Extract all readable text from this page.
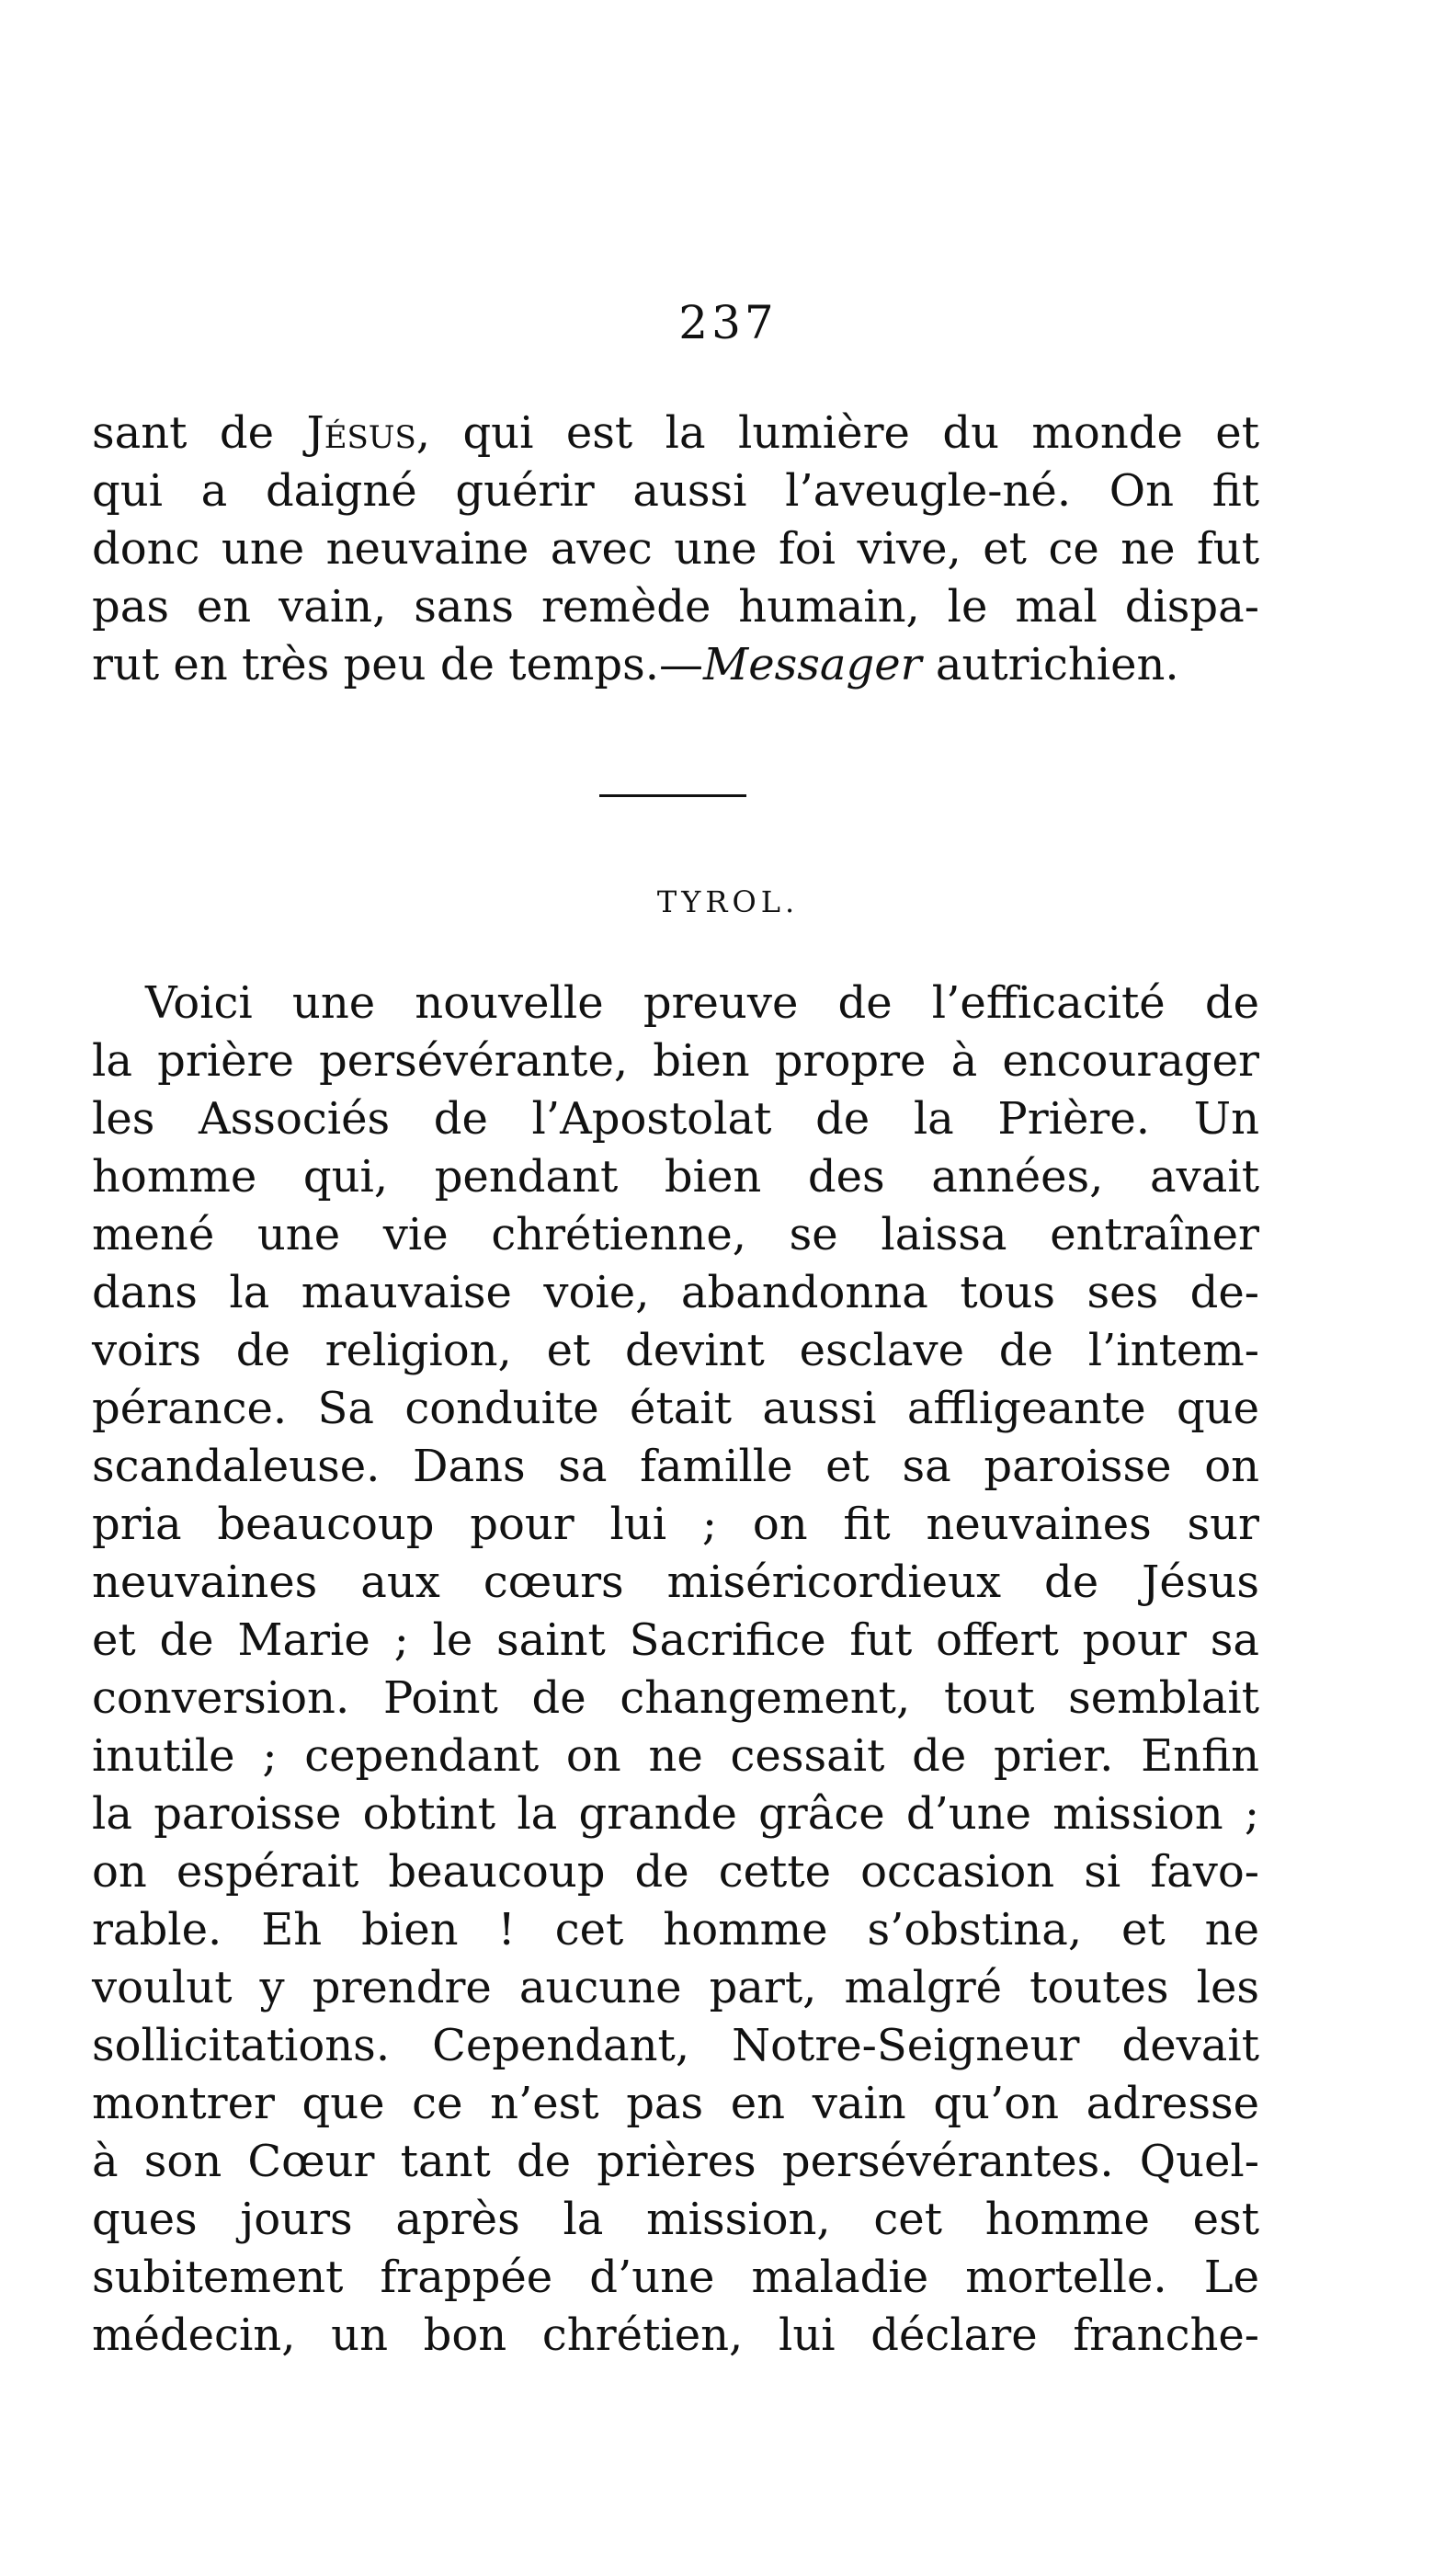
237
sant de Jésus, qui est la lumière du monde et
qui a daigné guérir aussi l’aveugle-né. On fit
donc une neuvaine avec une foi vive, et ce ne fut
pas en vain, sans remède humain, le mal dispa-
rut en très peu de temps.—Messager autrichien.
TYROL.
Voici une nouvelle preuve de l’efficacité de
la prière persévérante, bien propre à encourager
les Associés de l’Apostolat de la Prière. Un
homme qui, pendant bien des années, avait
mené une vie chrétienne, se laissa entraîner
dans la mauvaise voie, abandonna tous ses de-
voirs de religion, et devint esclave de l’intem-
pérance. Sa conduite était aussi affligeante que
scandaleuse. Dans sa famille et sa paroisse on
pria beaucoup pour lui ; on fit neuvaines sur
neuvaines aux cœurs miséricordieux de Jésus
et de Marie ; le saint Sacrifice fut offert pour sa
conversion. Point de changement, tout semblait
inutile ; cependant on ne cessait de prier. Enfin
la paroisse obtint la grande grâce d’une mission ;
on espérait beaucoup de cette occasion si favo-
rable. Eh bien ! cet homme s’obstina, et ne
voulut y prendre aucune part, malgré toutes les
sollicitations. Cependant, Notre-Seigneur devait
montrer que ce n’est pas en vain qu’on adresse
à son Cœur tant de prières persévérantes. Quel-
ques jours après la mission, cet homme est
subitement frappée d’une maladie mortelle. Le
médecin, un bon chrétien, lui déclare franche-
